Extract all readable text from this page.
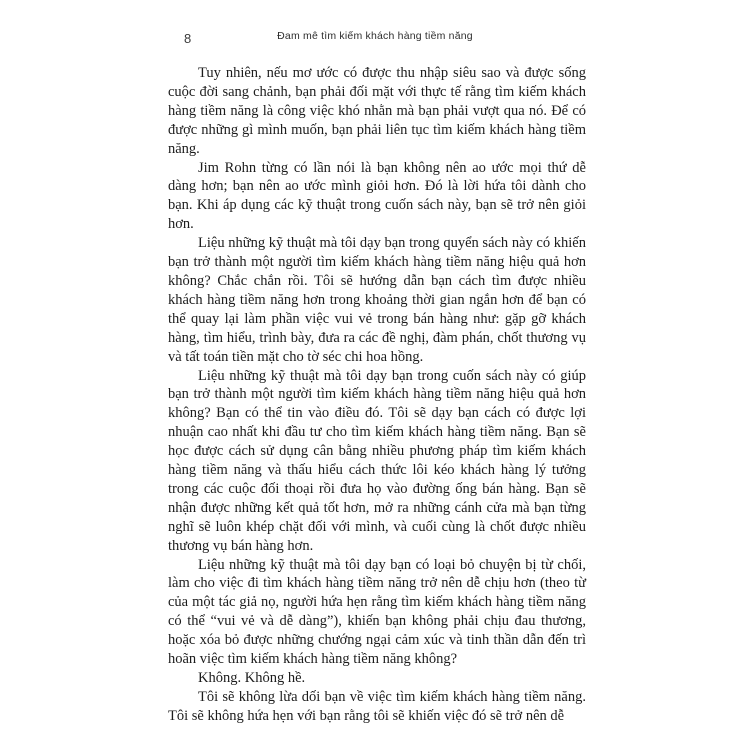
Đam mê tìm kiếm khách hàng tiềm năng
8

Tuy nhiên, nếu mơ ước có được thu nhập siêu sao và được sống cuộc đời sang chảnh, bạn phải đối mặt với thực tế rằng tìm kiếm khách hàng tiềm năng là công việc khó nhằn mà bạn phải vượt qua nó. Để có được những gì mình muốn, bạn phải liên tục tìm kiếm khách hàng tiềm năng.

Jim Rohn từng có lần nói là bạn không nên ao ước mọi thứ dễ dàng hơn; bạn nên ao ước mình giỏi hơn. Đó là lời hứa tôi dành cho bạn. Khi áp dụng các kỹ thuật trong cuốn sách này, bạn sẽ trở nên giỏi hơn.

Liệu những kỹ thuật mà tôi dạy bạn trong quyển sách này có khiến bạn trở thành một người tìm kiếm khách hàng tiềm năng hiệu quả hơn không? Chắc chắn rồi. Tôi sẽ hướng dẫn bạn cách tìm được nhiều khách hàng tiềm năng hơn trong khoảng thời gian ngắn hơn để bạn có thể quay lại làm phần việc vui vẻ trong bán hàng như: gặp gỡ khách hàng, tìm hiểu, trình bày, đưa ra các đề nghị, đàm phán, chốt thương vụ và tất toán tiền mặt cho tờ séc chi hoa hồng.

Liệu những kỹ thuật mà tôi dạy bạn trong cuốn sách này có giúp bạn trở thành một người tìm kiếm khách hàng tiềm năng hiệu quả hơn không? Bạn có thể tin vào điều đó. Tôi sẽ dạy bạn cách có được lợi nhuận cao nhất khi đầu tư cho tìm kiếm khách hàng tiềm năng. Bạn sẽ học được cách sử dụng cân bằng nhiều phương pháp tìm kiếm khách hàng tiềm năng và thấu hiểu cách thức lôi kéo khách hàng lý tưởng trong các cuộc đối thoại rồi đưa họ vào đường ống bán hàng. Bạn sẽ nhận được những kết quả tốt hơn, mở ra những cánh cửa mà bạn từng nghĩ sẽ luôn khép chặt đối với mình, và cuối cùng là chốt được nhiều thương vụ bán hàng hơn.

Liệu những kỹ thuật mà tôi dạy bạn có loại bỏ chuyện bị từ chối, làm cho việc đi tìm khách hàng tiềm năng trở nên dễ chịu hơn (theo từ của một tác giả nọ, người hứa hẹn rằng tìm kiếm khách hàng tiềm năng có thể “vui vẻ và dễ dàng”), khiến bạn không phải chịu đau thương, hoặc xóa bỏ được những chướng ngại cảm xúc và tinh thần dẫn đến trì hoãn việc tìm kiếm khách hàng tiềm năng không?

Không. Không hề.

Tôi sẽ không lừa dối bạn về việc tìm kiếm khách hàng tiềm năng. Tôi sẽ không hứa hẹn với bạn rằng tôi sẽ khiến việc đó sẽ trở nên dễ
